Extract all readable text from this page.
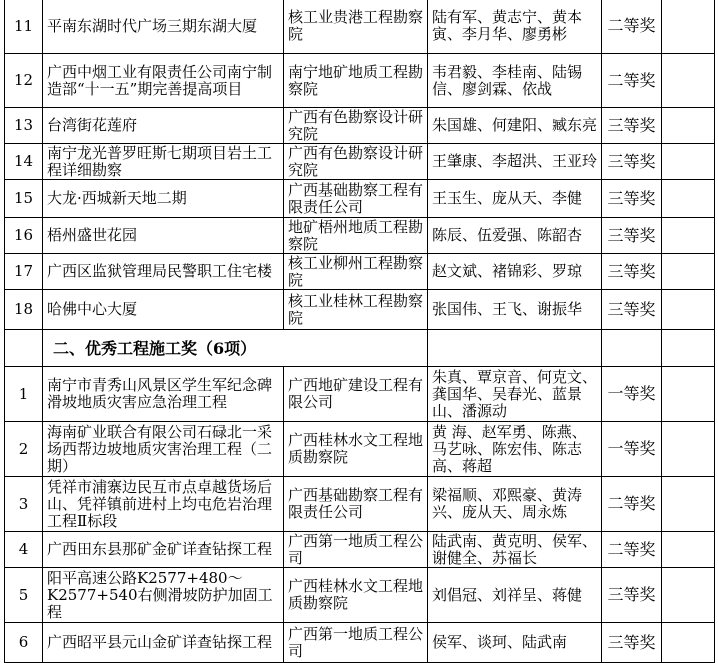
11	平南东湖时代广场三期东湖大厦	核工业贵港工程勘察院	陆有军、黄志宁、黄本寅、李月华、廖勇彬	二等奖	
12	广西中烟工业有限责任公司南宁制造部“十一五”期完善提高项目	南宁地矿地质工程勘察院	韦君毅、李桂南、陆锡信、廖剑霖、依战	二等奖	
13	台湾街花莲府	广西有色勘察设计研究院	朱国雄、何建阳、臧东亮	三等奖	
14	南宁龙光普罗旺斯七期项目岩土工程详细勘察	广西有色勘察设计研究院	王肇康、李超洪、王亚玲	三等奖	
15	大龙·西城新天地二期	广西基础勘察工程有限责任公司	王玉生、庞从天、李健	三等奖	
16	梧州盛世花园	地矿梧州地质工程勘察院	陈辰、伍爱强、陈韶杏	三等奖	
17	广西区监狱管理局民警职工住宅楼	核工业柳州工程勘察院	赵文斌、褚锦彩、罗琼	三等奖	
18	哈佛中心大厦	核工业桂林工程勘察院	张国伟、王飞、谢振华	三等奖	
	二、优秀工程施工奖（6项）				
1	南宁市青秀山风景区学生军纪念碑滑坡地质灾害应急治理工程	广西地矿建设工程有限公司	朱真、覃京音、何克文、龚国华、吴春光、蓝景山、潘源动	一等奖	
2	海南矿业联合有限公司石碌北一采场西帮边坡地质灾害治理工程（二期）	广西桂林水文工程地质勘察院	黄 海、赵军勇、陈燕、马艺咏、陈宏伟、陈志高、蒋超	一等奖	
3	凭祥市浦寨边民互市点卓越货场后山、凭祥镇前进村上均屯危岩治理工程Ⅱ标段	广西基础勘察工程有限责任公司	梁福顺、邓熙豪、黄涛兴、庞从天、周永炼	二等奖	
4	广西田东县那矿金矿详查钻探工程	广西第一地质工程公司	陆武南、黄克明、侯军、谢健全、苏福长	二等奖	
5	阳平高速公路K2577+480～K2577+540右侧滑坡防护加固工程	广西桂林水文工程地质勘察院	刘倡冠、刘祥呈、蒋健	三等奖	
6	广西昭平县元山金矿详查钻探工程	广西第一地质工程公司	侯军、谈珂、陆武南	三等奖	
